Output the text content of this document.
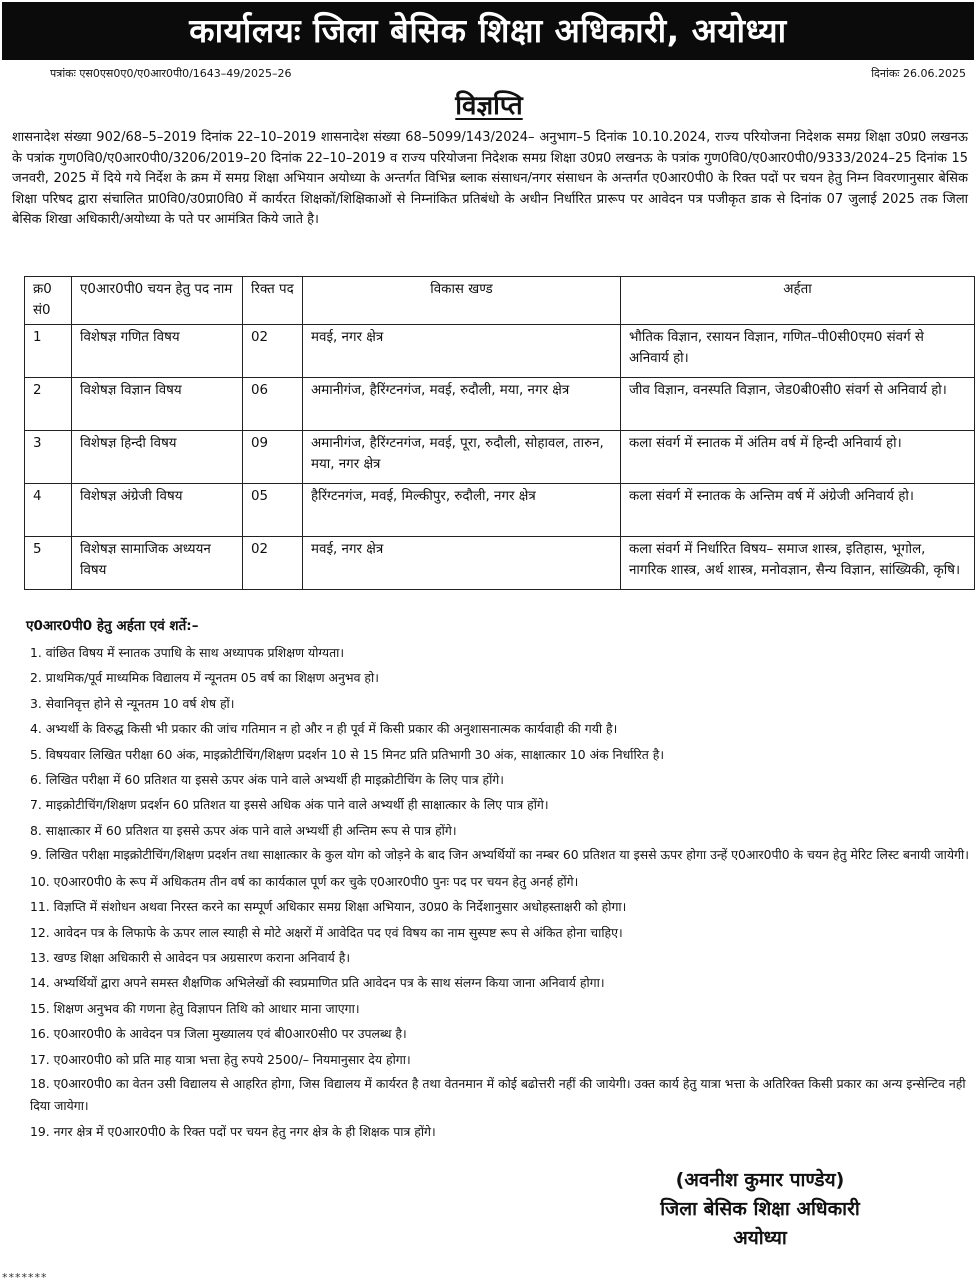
कार्यालयः जिला बेसिक शिक्षा अधिकारी, अयोध्या
पत्रांकः एस0एस0ए0/ए0आर0पी0/1643–49/2025–26	दिनांकः 26.06.2025
विज्ञप्ति
शासनादेश संख्या 902/68–5–2019 दिनांक 22–10–2019 शासनादेश संख्या 68–5099/143/2024– अनुभाग–5 दिनांक 10.10.2024, राज्य परियोजना निदेशक समग्र शिक्षा उ0प्र0 लखनऊ के पत्रांक गुण0वि0/ए0आर0पी0/3206/2019–20 दिनांक 22–10–2019 व राज्य परियोजना निदेशक समग्र शिक्षा उ0प्र0 लखनऊ के पत्रांक गुण0वि0/ए0आर0पी0/9333/2024–25 दिनांक 15 जनवरी, 2025 में दिये गये निर्देश के क्रम में समग्र शिक्षा अभियान अयोध्या के अन्तर्गत विभिन्न ब्लाक संसाधन/नगर संसाधन के अन्तर्गत ए0आर0पी0 के रिक्त पदों पर चयन हेतु निम्न विवरणानुसार बेसिक शिक्षा परिषद द्वारा संचालित प्रा0वि0/उ0प्रा0वि0 में कार्यरत शिक्षकों/शिक्षिकाओं से निम्नांकित प्रतिबंधो के अधीन निर्धारित प्रारूप पर आवेदन पत्र पजीकृत डाक से दिनांक 07 जुलाई 2025 तक जिला बेसिक शिखा अधिकारी/अयोध्या के पते पर आमंत्रित किये जाते है।
क्र0 सं0	ए0आर0पी0 चयन हेतु पद नाम	रिक्त पद	विकास खण्ड	अर्हता
1	विशेषज्ञ गणित विषय	02	मवई, नगर क्षेत्र	भौतिक विज्ञान, रसायन विज्ञान, गणित–पी0सी0एम0 संवर्ग से अनिवार्य हो।
2	विशेषज्ञ विज्ञान विषय	06	अमानीगंज, हैरिंग्टनगंज, मवई, रुदौली, मया, नगर क्षेत्र	जीव विज्ञान, वनस्पति विज्ञान, जेड0बी0सी0 संवर्ग से अनिवार्य हो।
3	विशेषज्ञ हिन्दी विषय	09	अमानीगंज, हैरिंग्टनगंज, मवई, पूरा, रुदौली, सोहावल, तारुन, मया, नगर क्षेत्र	कला संवर्ग में स्नातक में अंतिम वर्ष में हिन्दी अनिवार्य हो।
4	विशेषज्ञ अंग्रेजी विषय	05	हैरिंग्टनगंज, मवई, मिल्कीपुर, रुदौली, नगर क्षेत्र	कला संवर्ग में स्नातक के अन्तिम वर्ष में अंग्रेजी अनिवार्य हो।
5	विशेषज्ञ सामाजिक अध्ययन विषय	02	मवई, नगर क्षेत्र	कला संवर्ग में निर्धारित विषय– समाज शास्त्र, इतिहास, भूगोल, नागरिक शास्त्र, अर्थ शास्त्र, मनोवज्ञान, सैन्य विज्ञान, सांख्यिकी, कृषि।
ए0आर0पी0 हेतु अर्हता एवं शर्ते:–
1. वांछित विषय में स्नातक उपाधि के साथ अध्यापक प्रशिक्षण योग्यता।
2. प्राथमिक/पूर्व माध्यमिक विद्यालय में न्यूनतम 05 वर्ष का शिक्षण अनुभव हो।
3. सेवानिवृत्त होने से न्यूनतम 10 वर्ष शेष हों।
4. अभ्यर्थी के विरुद्ध किसी भी प्रकार की जांच गतिमान न हो और न ही पूर्व में किसी प्रकार की अनुशासनात्मक कार्यवाही की गयी है।
5. विषयवार लिखित परीक्षा 60 अंक, माइक्रोटीचिंग/शिक्षण प्रदर्शन 10 से 15 मिनट प्रति प्रतिभागी 30 अंक, साक्षात्कार 10 अंक निर्धारित है।
6. लिखित परीक्षा में 60 प्रतिशत या इससे ऊपर अंक पाने वाले अभ्यर्थी ही माइक्रोटीचिंग के लिए पात्र होंगे।
7. माइक्रोटीचिंग/शिक्षण प्रदर्शन 60 प्रतिशत या इससे अधिक अंक पाने वाले अभ्यर्थी ही साक्षात्कार के लिए पात्र होंगे।
8. साक्षात्कार में 60 प्रतिशत या इससे ऊपर अंक पाने वाले अभ्यर्थी ही अन्तिम रूप से पात्र होंगे।
9. लिखित परीक्षा माइक्रोटीचिंग/शिक्षण प्रदर्शन तथा साक्षात्कार के कुल योग को जोड़ने के बाद जिन अभ्यर्थियों का नम्बर 60 प्रतिशत या इससे ऊपर होगा उन्हें ए0आर0पी0 के चयन हेतु मेरिट लिस्ट बनायी जायेगी।
10. ए0आर0पी0 के रूप में अधिकतम तीन वर्ष का कार्यकाल पूर्ण कर चुके ए0आर0पी0 पुनः पद पर चयन हेतु अनर्ह होंगे।
11. विज्ञप्ति में संशोधन अथवा निरस्त करने का सम्पूर्ण अधिकार समग्र शिक्षा अभियान, उ0प्र0 के निर्देशानुसार अधोहस्ताक्षरी को होगा।
12. आवेदन पत्र के लिफाफे के ऊपर लाल स्याही से मोटे अक्षरों में आवेदित पद एवं विषय का नाम सुस्पष्ट रूप से अंकित होना चाहिए।
13. खण्ड शिक्षा अधिकारी से आवेदन पत्र अग्रसारण कराना अनिवार्य है।
14. अभ्यर्थियों द्वारा अपने समस्त शैक्षणिक अभिलेखों की स्वप्रमाणित प्रति आवेदन पत्र के साथ संलग्न किया जाना अनिवार्य होगा।
15. शिक्षण अनुभव की गणना हेतु विज्ञापन तिथि को आधार माना जाएगा।
16. ए0आर0पी0 के आवेदन पत्र जिला मुख्यालय एवं बी0आर0सी0 पर उपलब्ध है।
17. ए0आर0पी0 को प्रति माह यात्रा भत्ता हेतु रुपये 2500/– नियमानुसार देय होगा।
18. ए0आर0पी0 का वेतन उसी विद्यालय से आहरित होगा, जिस विद्यालय में कार्यरत है तथा वेतनमान में कोई बढोत्तरी नहीं की जायेगी। उक्त कार्य हेतु यात्रा भत्ता के अतिरिक्त किसी प्रकार का अन्य इन्सेन्टिव नही दिया जायेगा।
19. नगर क्षेत्र में ए0आर0पी0 के रिक्त पदों पर चयन हेतु नगर क्षेत्र के ही शिक्षक पात्र होंगे।
(अवनीश कुमार पाण्डेय)
जिला बेसिक शिक्षा अधिकारी
अयोध्या
*******
